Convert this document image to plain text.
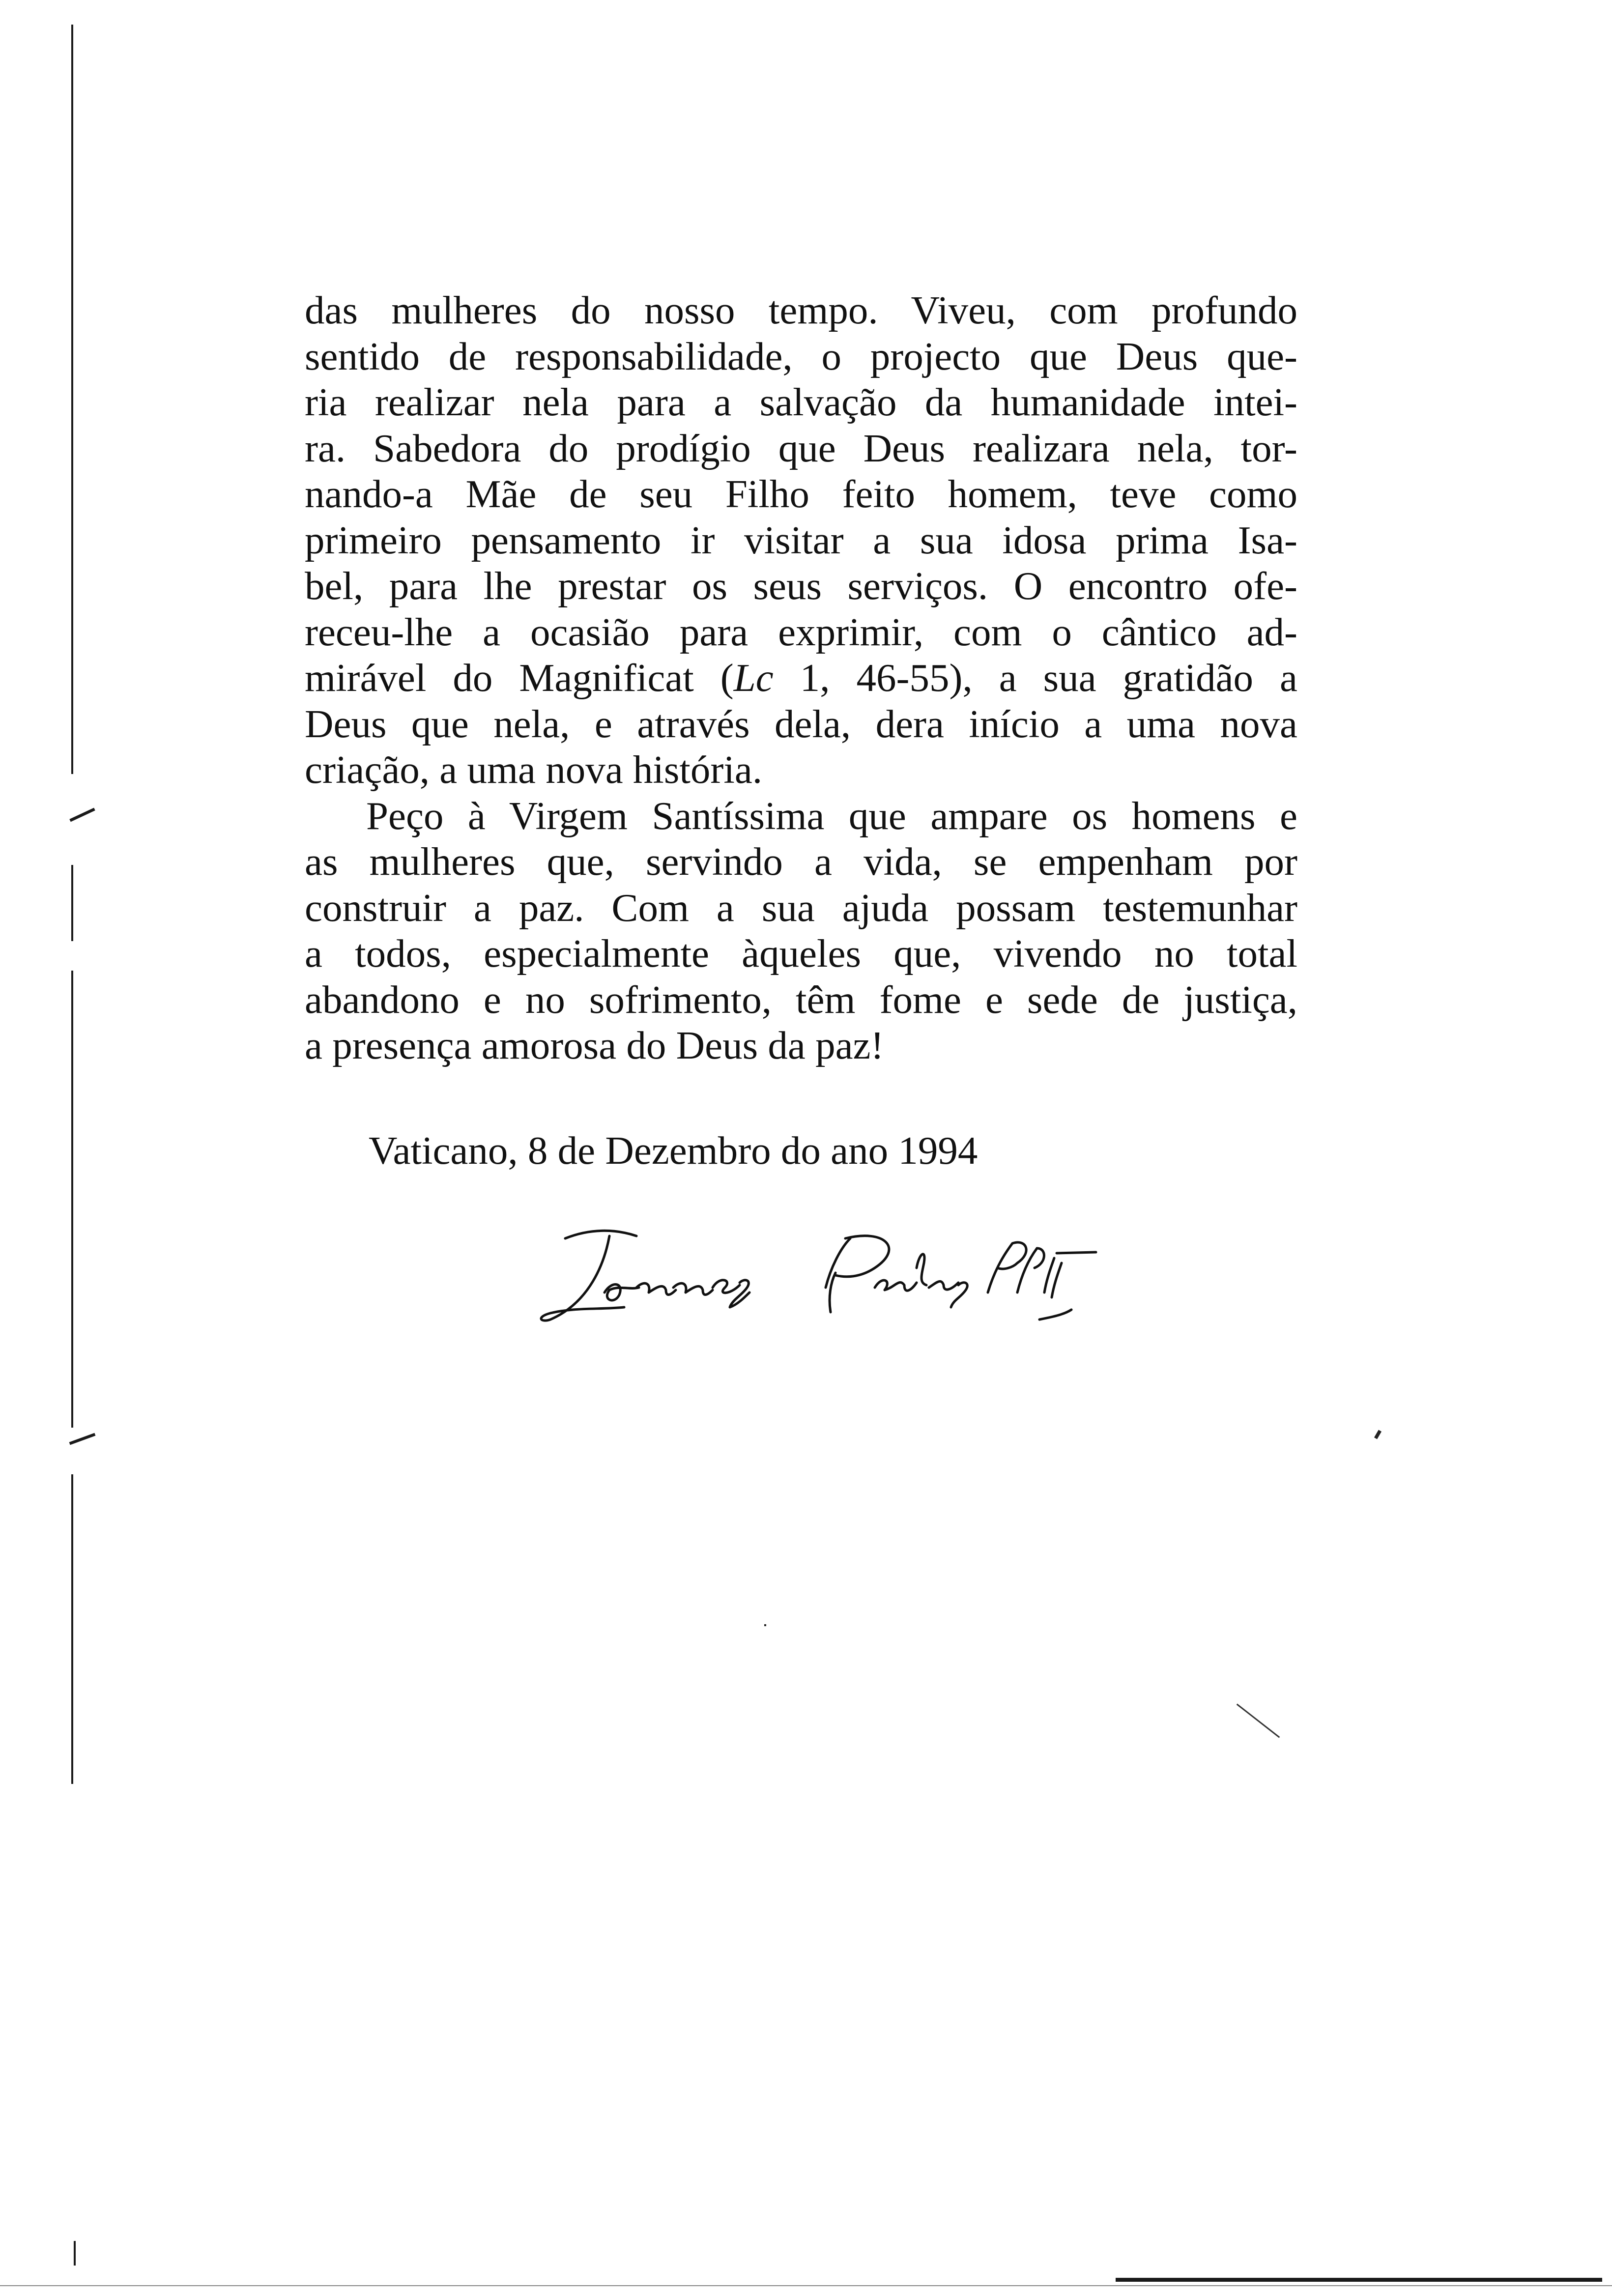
das mulheres do nosso tempo. Viveu, com profundo
sentido de responsabilidade, o projecto que Deus que-
ria realizar nela para a salvação da humanidade intei-
ra. Sabedora do prodígio que Deus realizara nela, tor-
nando-a Mãe de seu Filho feito homem, teve como
primeiro pensamento ir visitar a sua idosa prima Isa-
bel, para lhe prestar os seus serviços. O encontro ofe-
receu-lhe a ocasião para exprimir, com o cântico ad-
mirável do Magnificat (Lc 1, 46-55), a sua gratidão a
Deus que nela, e através dela, dera início a uma nova
criação, a uma nova história.
Peço à Virgem Santíssima que ampare os homens e
as mulheres que, servindo a vida, se empenham por
construir a paz. Com a sua ajuda possam testemunhar
a todos, especialmente àqueles que, vivendo no total
abandono e no sofrimento, têm fome e sede de justiça,
a presença amorosa do Deus da paz!
Vaticano, 8 de Dezembro do ano 1994
